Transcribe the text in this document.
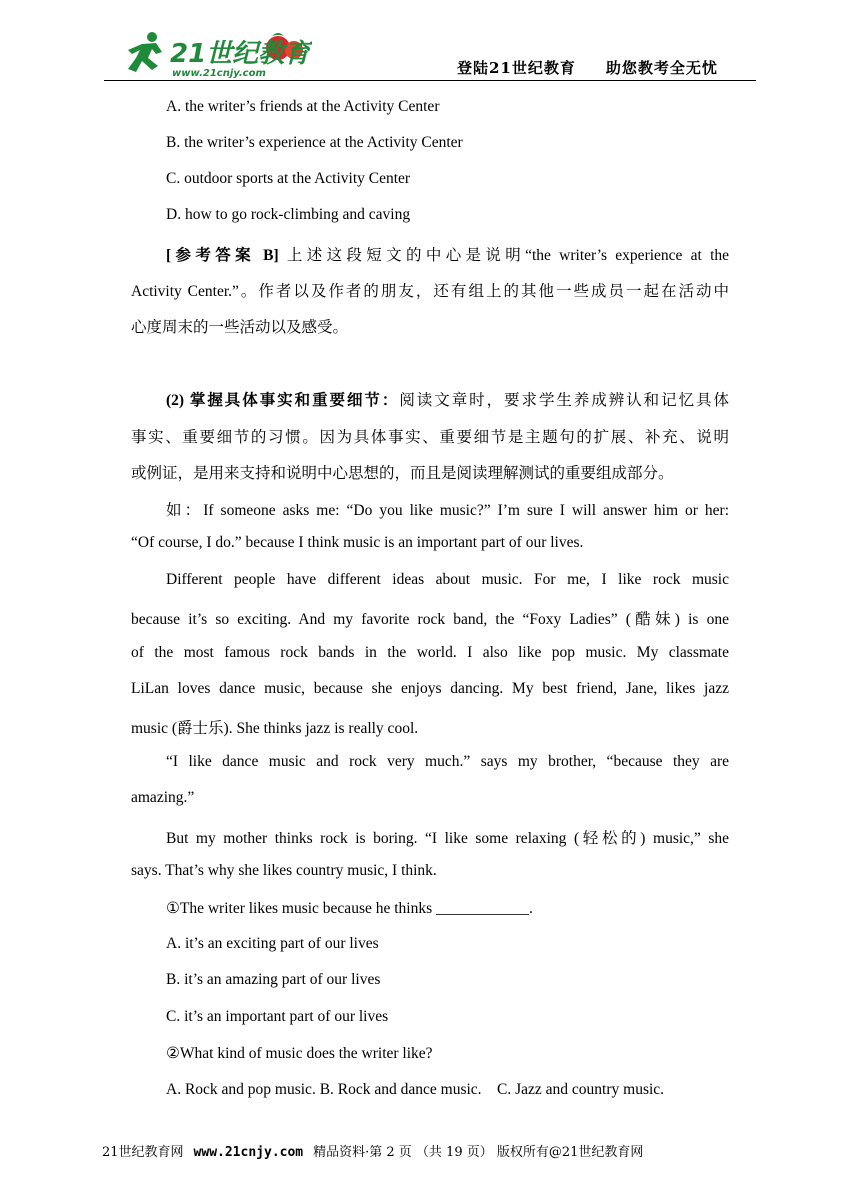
21世纪教育
www.21cnjy.com	登陆21世纪教育 助您教考全无忧
A. the writer’s friends at the Activity Center
B. the writer’s experience at the Activity Center
C. outdoor sports at the Activity Center
D. how to go rock-climbing and caving
[参考答案 B] 上述这段短文的中心是说明“the writer’s experience at the
Activity Center.”。作者以及作者的朋友，还有组上的其他一些成员一起在活动中
心度周末的一些活动以及感受。
(2) 掌握具体事实和重要细节：阅读文章时，要求学生养成辨认和记忆具体
事实、重要细节的习惯。因为具体事实、重要细节是主题句的扩展、补充、说明
或例证，是用来支持和说明中心思想的，而且是阅读理解测试的重要组成部分。
如：If someone asks me: “Do you like music?” I’m sure I will answer him or her:
“Of course, I do.” because I think music is an important part of our lives.
Different people have different ideas about music. For me, I like rock music
because it’s so exciting. And my favorite rock band, the “Foxy Ladies” (酷妹) is one
of the most famous rock bands in the world. I also like pop music. My classmate
LiLan loves dance music, because she enjoys dancing. My best friend, Jane, likes jazz
music (爵士乐). She thinks jazz is really cool.
“I like dance music and rock very much.” says my brother, “because they are
amazing.”
But my mother thinks rock is boring. “I like some relaxing (轻松的) music,” she
says. That’s why she likes country music, I think.
①The writer likes music because he thinks ____________.
A. it’s an exciting part of our lives
B. it’s an amazing part of our lives
C. it’s an important part of our lives
②What kind of music does the writer like?
A. Rock and pop music. B. Rock and dance music.    C. Jazz and country music.
21世纪教育网 www.21cnjy.com 精品资料·第 2 页 （共 19 页） 版权所有@21世纪教育网
